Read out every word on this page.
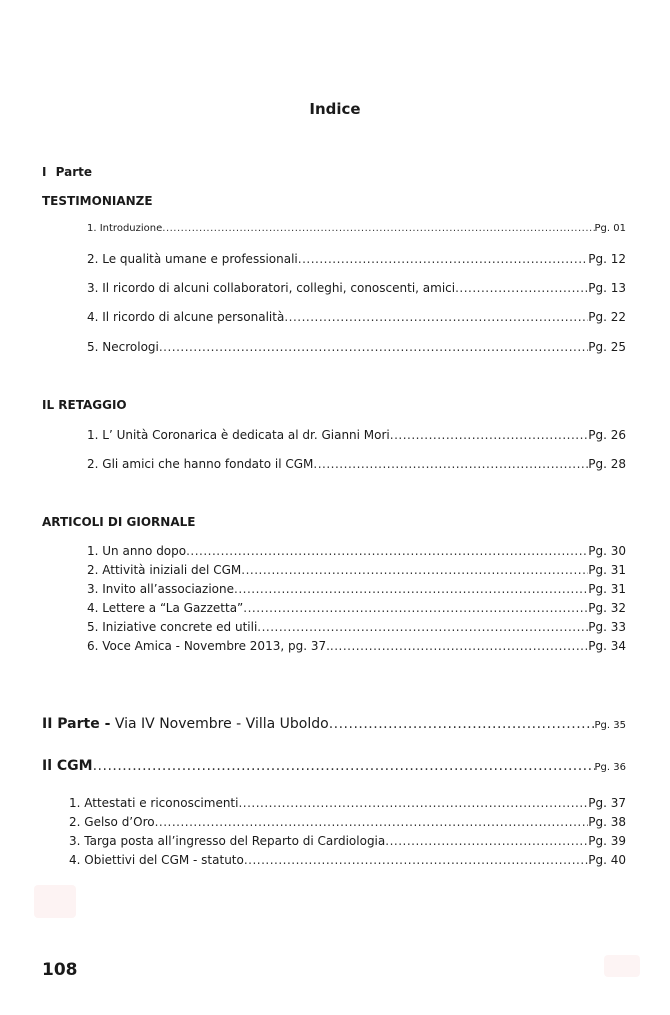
Indice
I Parte
TESTIMONIANZE
1. Introduzione .....	Pg. 01
2. Le qualità umane e professionali .....	Pg. 12
3. Il ricordo di alcuni collaboratori, colleghi, conoscenti, amici .....	Pg. 13
4. Il ricordo di alcune personalità .....	Pg. 22
5. Necrologi .....	Pg. 25
IL RETAGGIO
1. L’ Unità Coronarica è dedicata al dr. Gianni Mori .....	Pg. 26
2. Gli amici che hanno fondato il CGM .....	Pg. 28
ARTICOLI DI GIORNALE
1. Un anno dopo .....	Pg. 30
2. Attività iniziali del CGM .....	Pg. 31
3. Invito all’associazione .....	Pg. 31
4. Lettere a “La Gazzetta” .....	Pg. 32
5. Iniziative concrete ed utili .....	Pg. 33
6. Voce Amica - Novembre 2013, pg. 37. .....	Pg. 34
II Parte - Via IV Novembre - Villa Uboldo .....	Pg. 35
Il CGM .....	Pg. 36
1. Attestati e riconoscimenti .....	Pg. 37
2. Gelso d’Oro .....	Pg. 38
3. Targa posta all’ingresso del Reparto di Cardiologia .....	Pg. 39
4. Obiettivi del CGM - statuto .....	Pg. 40
108
